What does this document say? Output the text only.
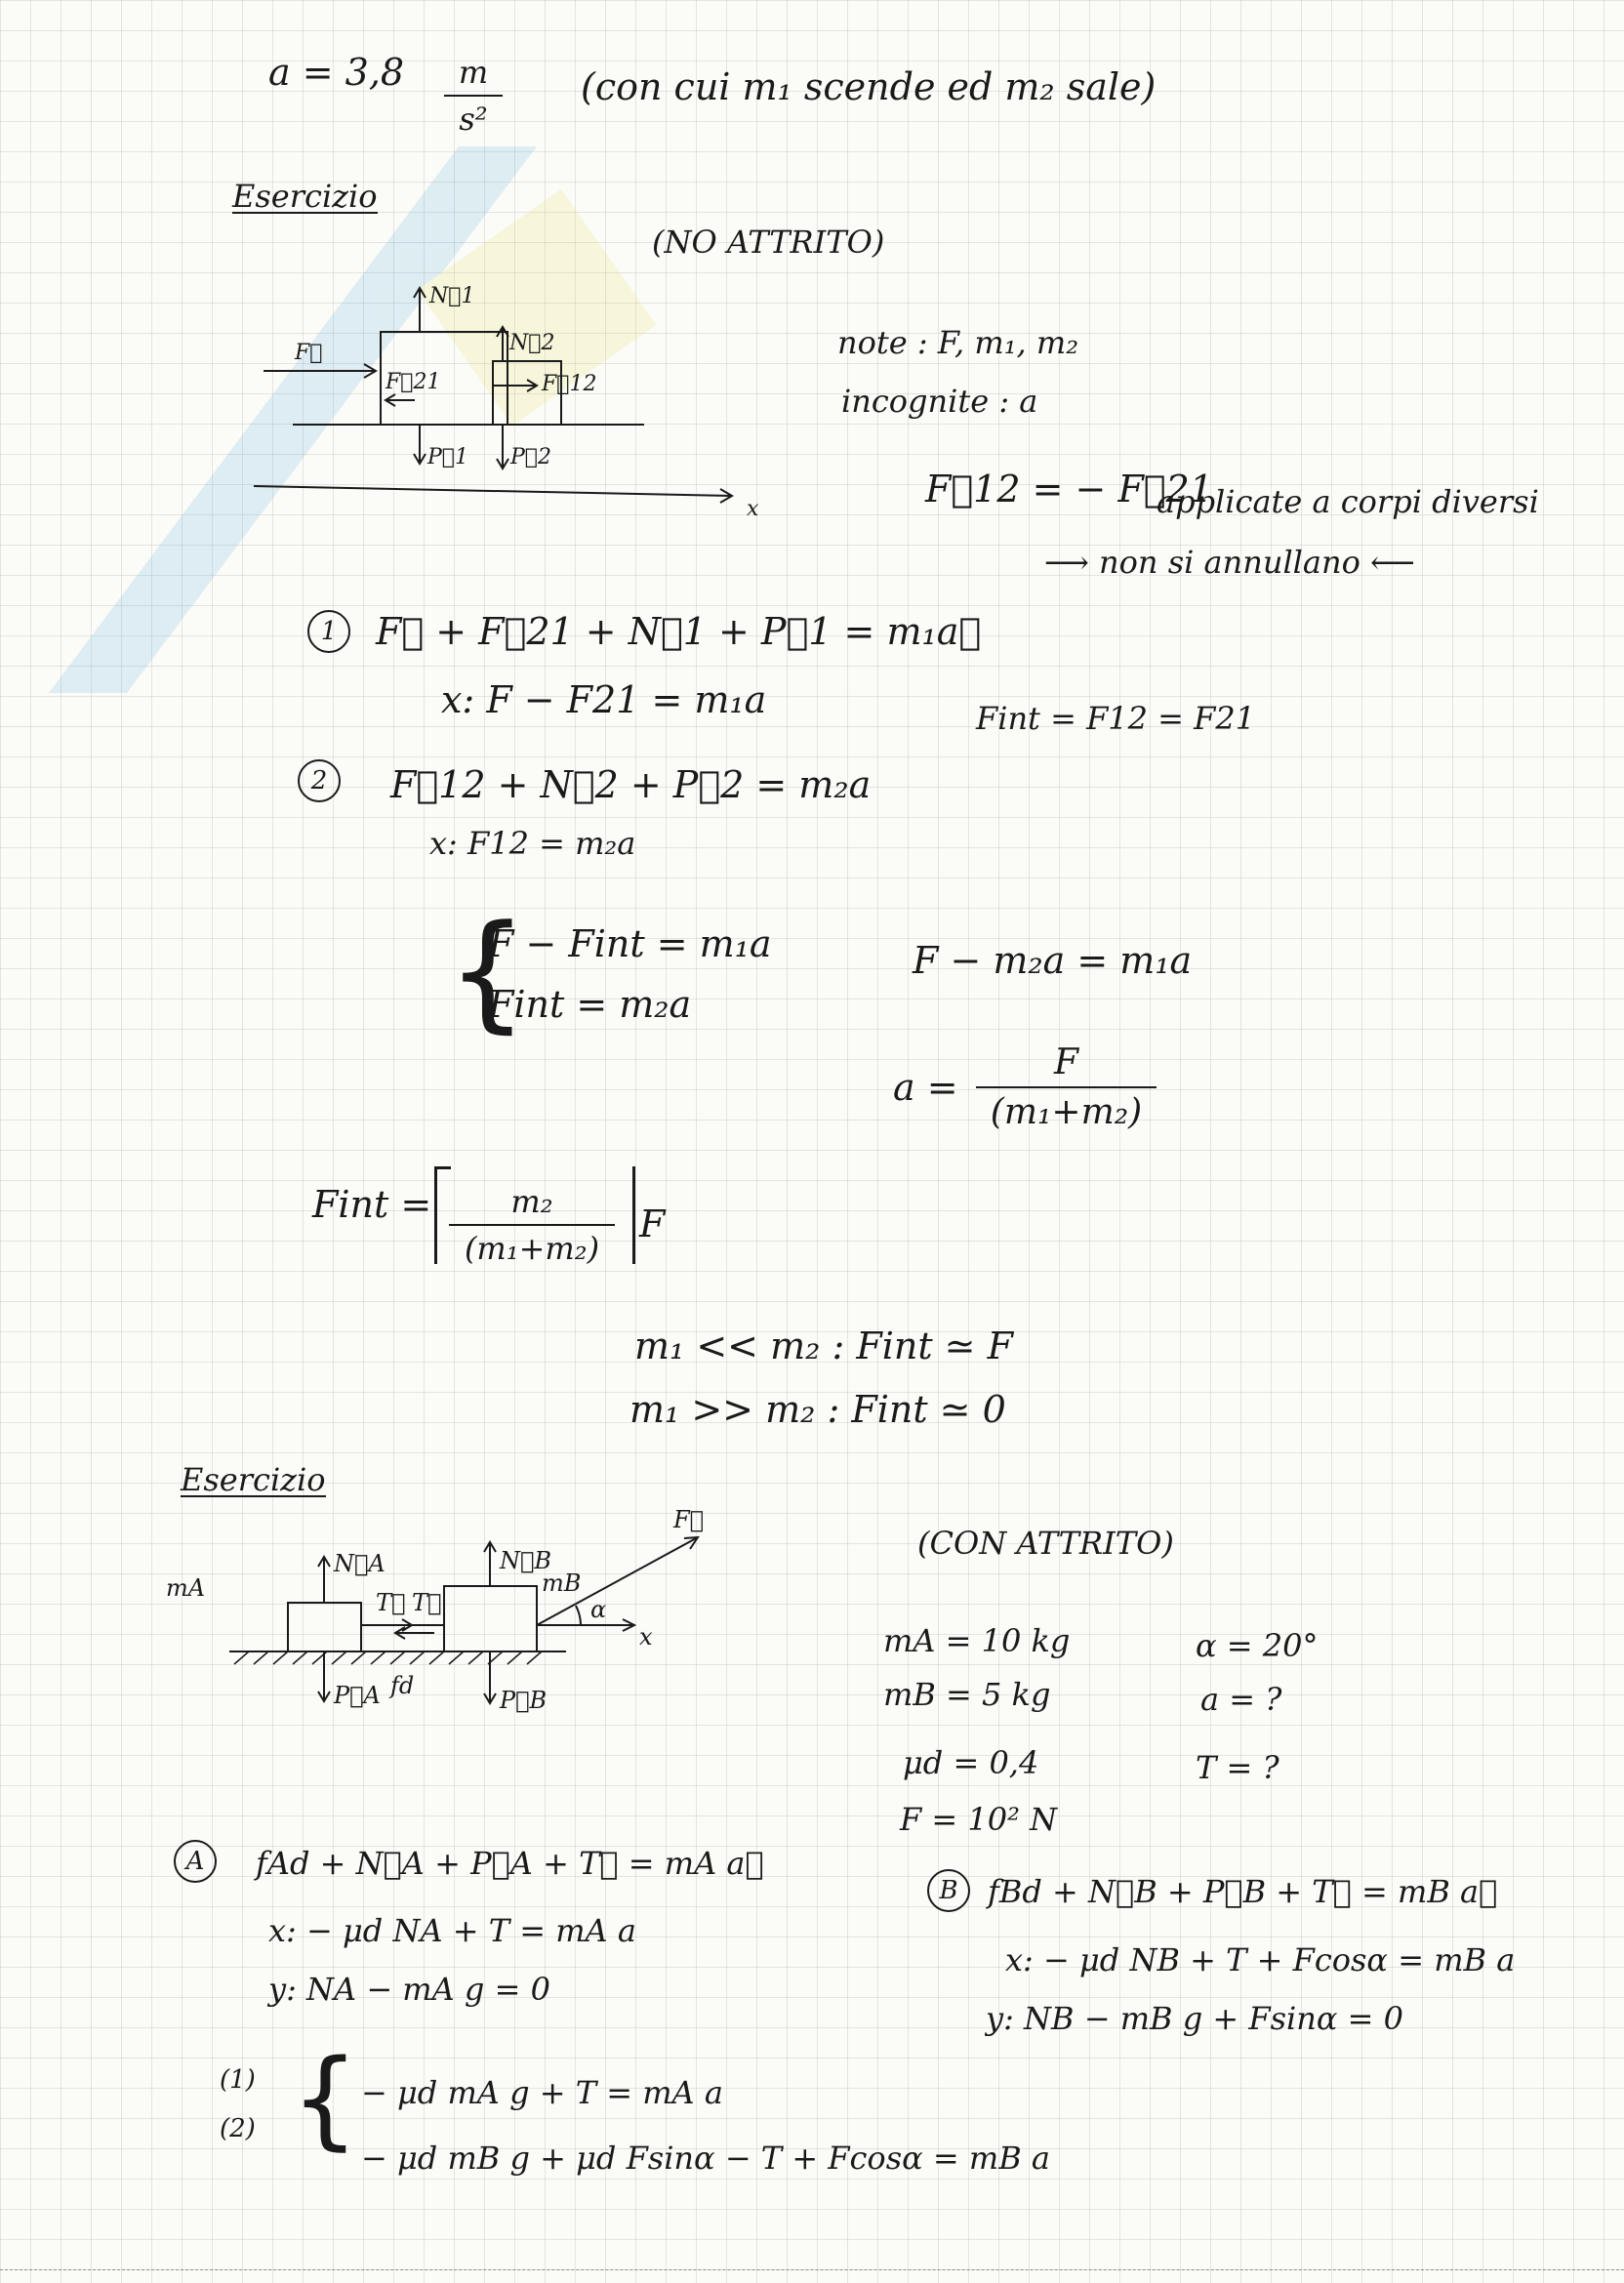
a = 3,8	m
s²
(con cui m₁ scende ed m₂ sale)
Esercizio
(NO ATTRITO)
F⃗
F⃗21
N⃗1
N⃗2
F⃗12
P⃗1 P⃗2
x
note : F, m₁, m₂
incognite : a
F⃗12 = − F⃗21
applicate a corpi diversi
⟶ non si annullano ⟵
1	F⃗ + F⃗21 + N⃗1 + P⃗1 = m₁a⃗
x: F − F21 = m₁a	Fint = F12 = F21
2	F⃗12 + N⃗2 + P⃗2 = m₂a
x: F12 = m₂a
{
F − Fint = m₁a
Fint = m₂a
F − m₂a = m₁a
a =
F
(m₁+m₂)
Fint =	m₂
(m₁+m₂)
F
m₁ << m₂ : Fint ≃ F
m₁ >> m₂ : Fint ≃ 0
Esercizio
(CON ATTRITO)
mA
N⃗A	N⃗B
mB
F⃗
α
x
T⃗ T⃗
P⃗A fd
P⃗B
mA = 10 kg	α = 20°
mB = 5 kg	a = ?
μd = 0,4	T = ?
F = 10² N
A	fAd + N⃗A + P⃗A + T⃗ = mA a⃗
x: − μd NA + T = mA a
y: NA − mA g = 0
B fBd + N⃗B + P⃗B + T⃗ = mB a⃗
x: − μd NB + T + Fcosα = mB a
y: NB − mB g + Fsinα = 0
(1)
(2) { − μd mA g + T = mA a
− μd mB g + μd Fsinα − T + Fcosα = mB a
